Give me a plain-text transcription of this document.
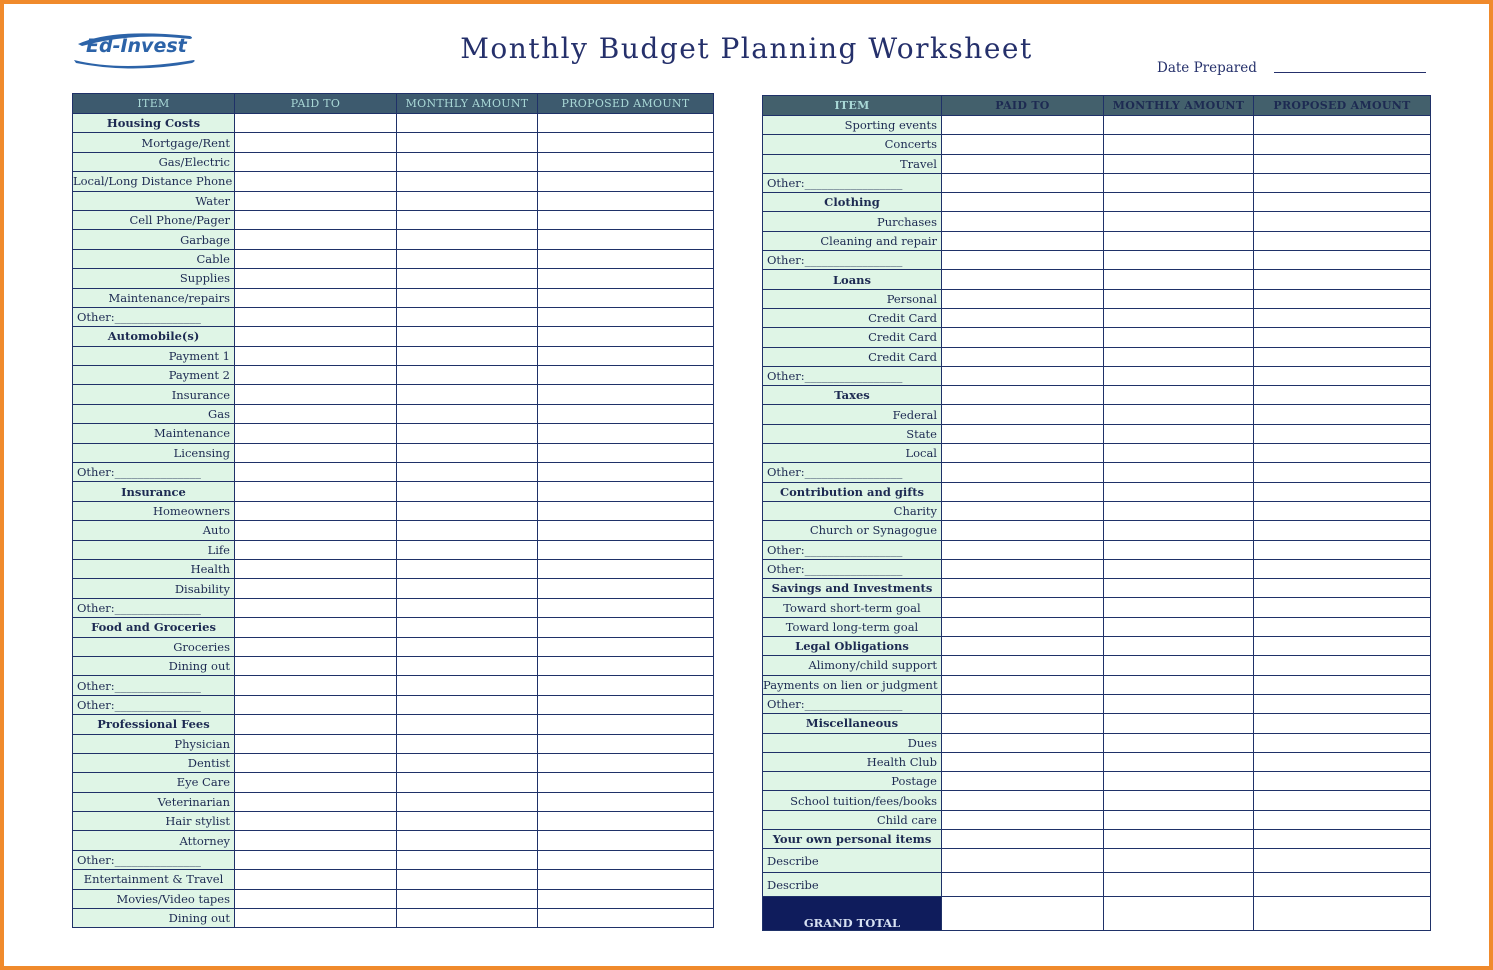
Ed-Invest	Monthly Budget Planning Worksheet
Date Prepared
ITEM	PAID TO	MONTHLY AMOUNT	PROPOSED AMOUNT
Housing Costs			
Mortgage/Rent			
Gas/Electric			
Local/Long Distance Phone			
Water			
Cell Phone/Pager			
Garbage			
Cable			
Supplies			
Maintenance/repairs			
Other:_______________			
Automobile(s)			
Payment 1			
Payment 2			
Insurance			
Gas			
Maintenance			
Licensing			
Other:_______________			
Insurance			
Homeowners			
Auto			
Life			
Health			
Disability			
Other:_______________			
Food and Groceries			
Groceries			
Dining out			
Other:_______________			
Other:_______________			
Professional Fees			
Physician			
Dentist			
Eye Care			
Veterinarian			
Hair stylist			
Attorney			
Other:_______________			
Entertainment & Travel			
Movies/Video tapes			
Dining out			
ITEM	PAID TO	MONTHLY AMOUNT	PROPOSED AMOUNT
Sporting events			
Concerts			
Travel			
Other:_________________			
Clothing			
Purchases			
Cleaning and repair			
Other:_________________			
Loans			
Personal			
Credit Card			
Credit Card			
Credit Card			
Other:_________________			
Taxes			
Federal			
State			
Local			
Other:_________________			
Contribution and gifts			
Charity			
Church or Synagogue			
Other:_________________			
Other:_________________			
Savings and Investments			
Toward short-term goal			
Toward long-term goal			
Legal Obligations			
Alimony/child support			
Payments on lien or judgment			
Other:_________________			
Miscellaneous			
Dues			
Health Club			
Postage			
School tuition/fees/books			
Child care			
Your own personal items			
Describe			
Describe			
GRAND TOTAL			
